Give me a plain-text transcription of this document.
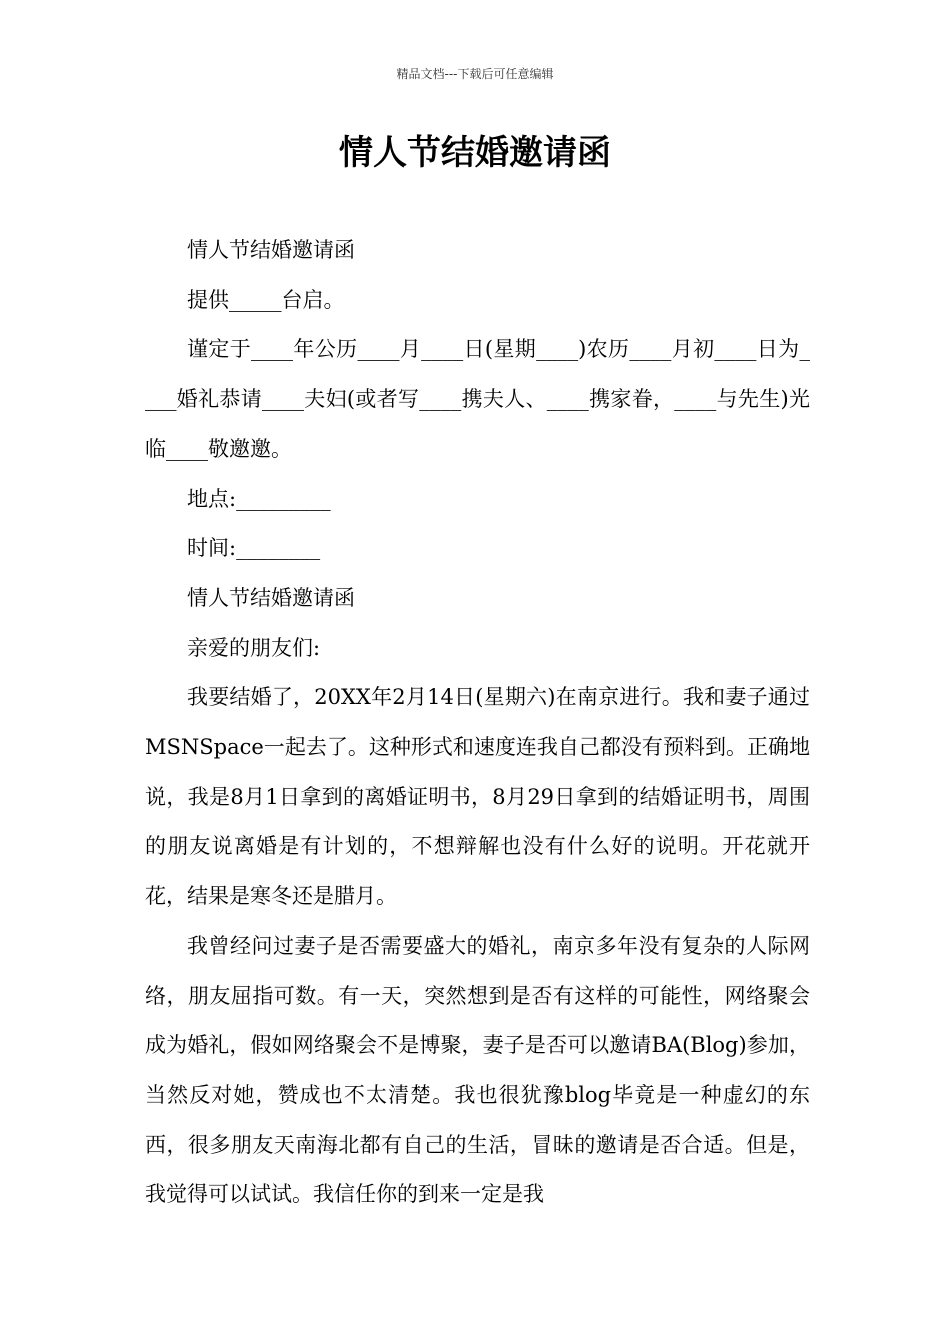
精品文档---下载后可任意编辑
情人节结婚邀请函

情人节结婚邀请函

提供_____台启。

谨定于____年公历____月____日(星期____)农历____月初____日为____婚礼恭请____夫妇(或者写____携夫人、____携家眷，____与先生)光临____敬邀邀。

地点:_________

时间:________

情人节结婚邀请函

亲爱的朋友们:

我要结婚了，20XX年2月14日(星期六)在南京进行。我和妻子通过MSNSpace一起去了。这种形式和速度连我自己都没有预料到。正确地说，我是8月1日拿到的离婚证明书，8月29日拿到的结婚证明书，周围的朋友说离婚是有计划的，不想辩解也没有什么好的说明。开花就开花，结果是寒冬还是腊月。

我曾经问过妻子是否需要盛大的婚礼，南京多年没有复杂的人际网络，朋友屈指可数。有一天，突然想到是否有这样的可能性，网络聚会成为婚礼，假如网络聚会不是博聚，妻子是否可以邀请BA(Blog)参加，当然反对她，赞成也不太清楚。我也很犹豫blog毕竟是一种虚幻的东西，很多朋友天南海北都有自己的生活，冒昧的邀请是否合适。但是，我觉得可以试试。我信任你的到来一定是我
